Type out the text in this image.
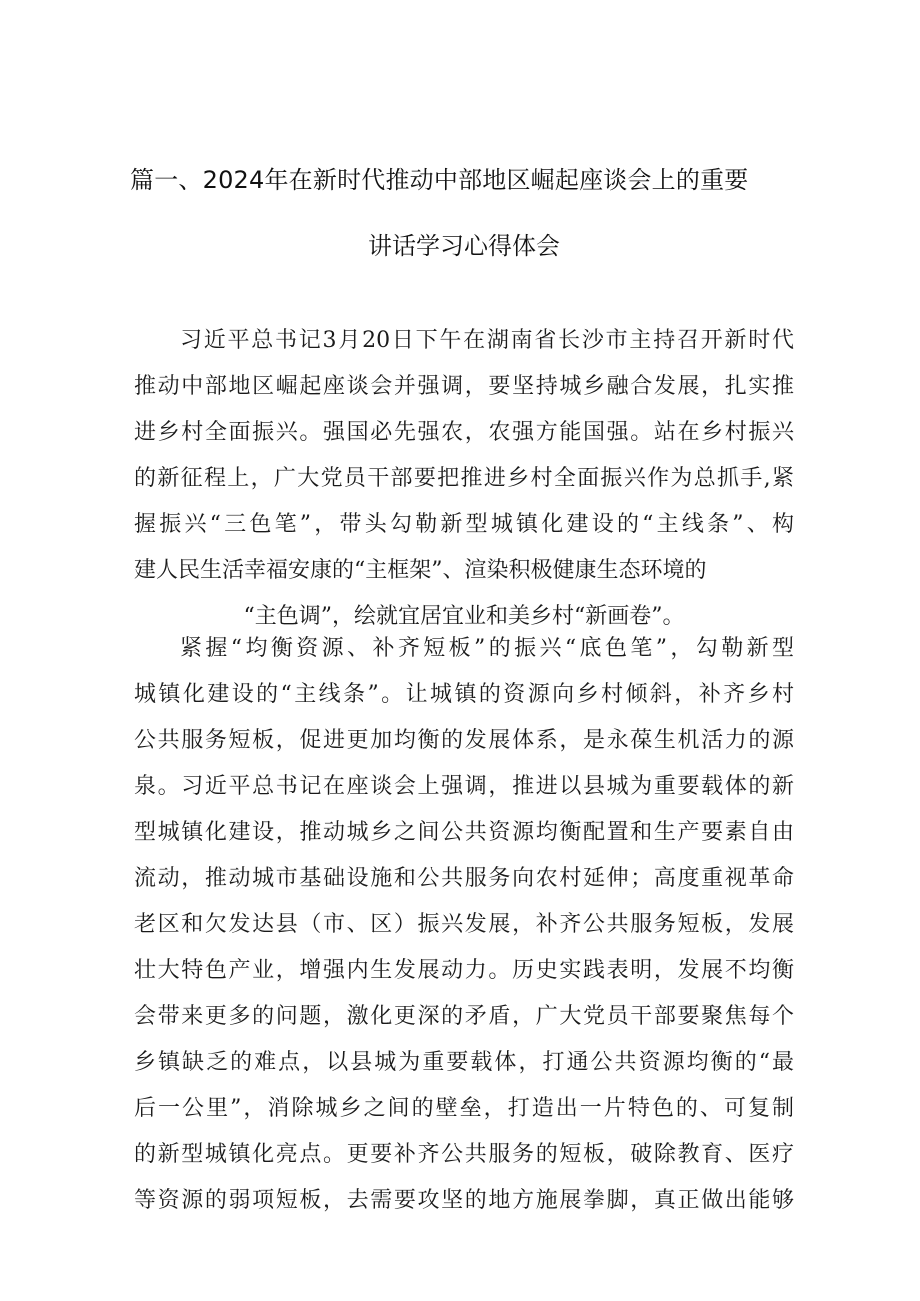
篇一、2024年在新时代推动中部地区崛起座谈会上的重要
讲话学习心得体会
习近平总书记3月20日下午在湖南省长沙市主持召开新时代
推动中部地区崛起座谈会并强调，要坚持城乡融合发展，扎实推
进乡村全面振兴。强国必先强农，农强方能国强。站在乡村振兴
的新征程上，广大党员干部要把推进乡村全面振兴作为总抓手,紧
握振兴“三色笔”，带头勾勒新型城镇化建设的“主线条”、构
建人民生活幸福安康的“主框架”、渲染积极健康生态环境的
“主色调”，绘就宜居宜业和美乡村“新画卷”。
紧握“均衡资源、补齐短板”的振兴“底色笔”，勾勒新型
城镇化建设的“主线条”。让城镇的资源向乡村倾斜，补齐乡村
公共服务短板，促进更加均衡的发展体系，是永葆生机活力的源
泉。习近平总书记在座谈会上强调，推进以县城为重要载体的新
型城镇化建设，推动城乡之间公共资源均衡配置和生产要素自由
流动，推动城市基础设施和公共服务向农村延伸；高度重视革命
老区和欠发达县（市、区）振兴发展，补齐公共服务短板，发展
壮大特色产业，增强内生发展动力。历史实践表明，发展不均衡
会带来更多的问题，激化更深的矛盾，广大党员干部要聚焦每个
乡镇缺乏的难点，以县城为重要载体，打通公共资源均衡的“最
后一公里”，消除城乡之间的壁垒，打造出一片特色的、可复制
的新型城镇化亮点。更要补齐公共服务的短板，破除教育、医疗
等资源的弱项短板，去需要攻坚的地方施展拳脚，真正做出能够
